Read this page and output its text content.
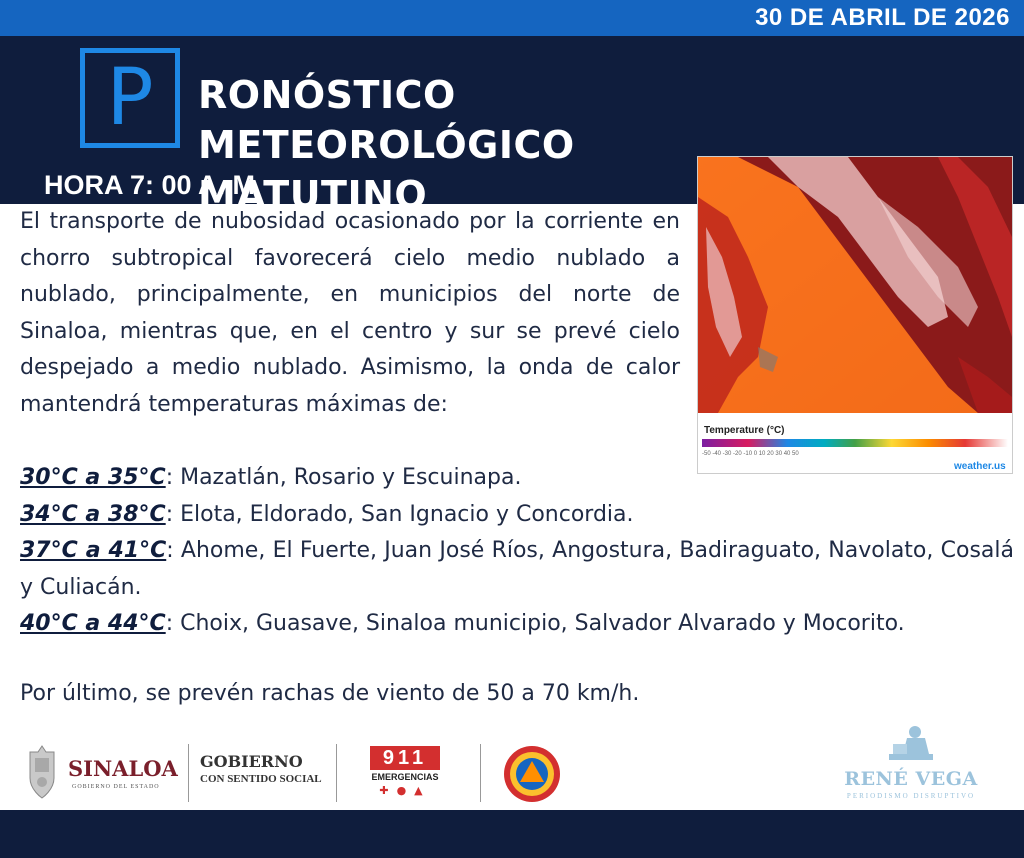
30 DE ABRIL DE 2026
P	RONÓSTICO METEOROLÓGICO
MATUTINO
HORA 7: 00 A. M
Temperature (°C)
-50 -40 -30 -20 -10 0 10 20 30 40 50
weather.us
El transporte de nubosidad ocasionado por la corriente en chorro subtropical favorecerá cielo medio nublado a nublado, principalmente, en municipios del norte de Sinaloa, mientras que, en el centro y sur se prevé cielo despejado a medio nublado. Asimismo, la onda de calor mantendrá temperaturas máximas de:
30°C a 35°C: Mazatlán, Rosario y Escuinapa.
34°C a 38°C: Elota, Eldorado, San Ignacio y Concordia.
37°C a 41°C: Ahome, El Fuerte, Juan José Ríos, Angostura, Badiraguato, Navolato, Cosalá y Culiacán.
40°C a 44°C: Choix, Guasave, Sinaloa municipio, Salvador Alvarado y Mocorito.
Por último, se prevén rachas de viento de 50 a 70 km/h.
SINALOA
GOBIERNO DEL ESTADO
GOBIERNO
CON SENTIDO SOCIAL
911
EMERGENCIAS
✚●▲
RENÉ VEGA
PERIODISMO DISRUPTIVO
